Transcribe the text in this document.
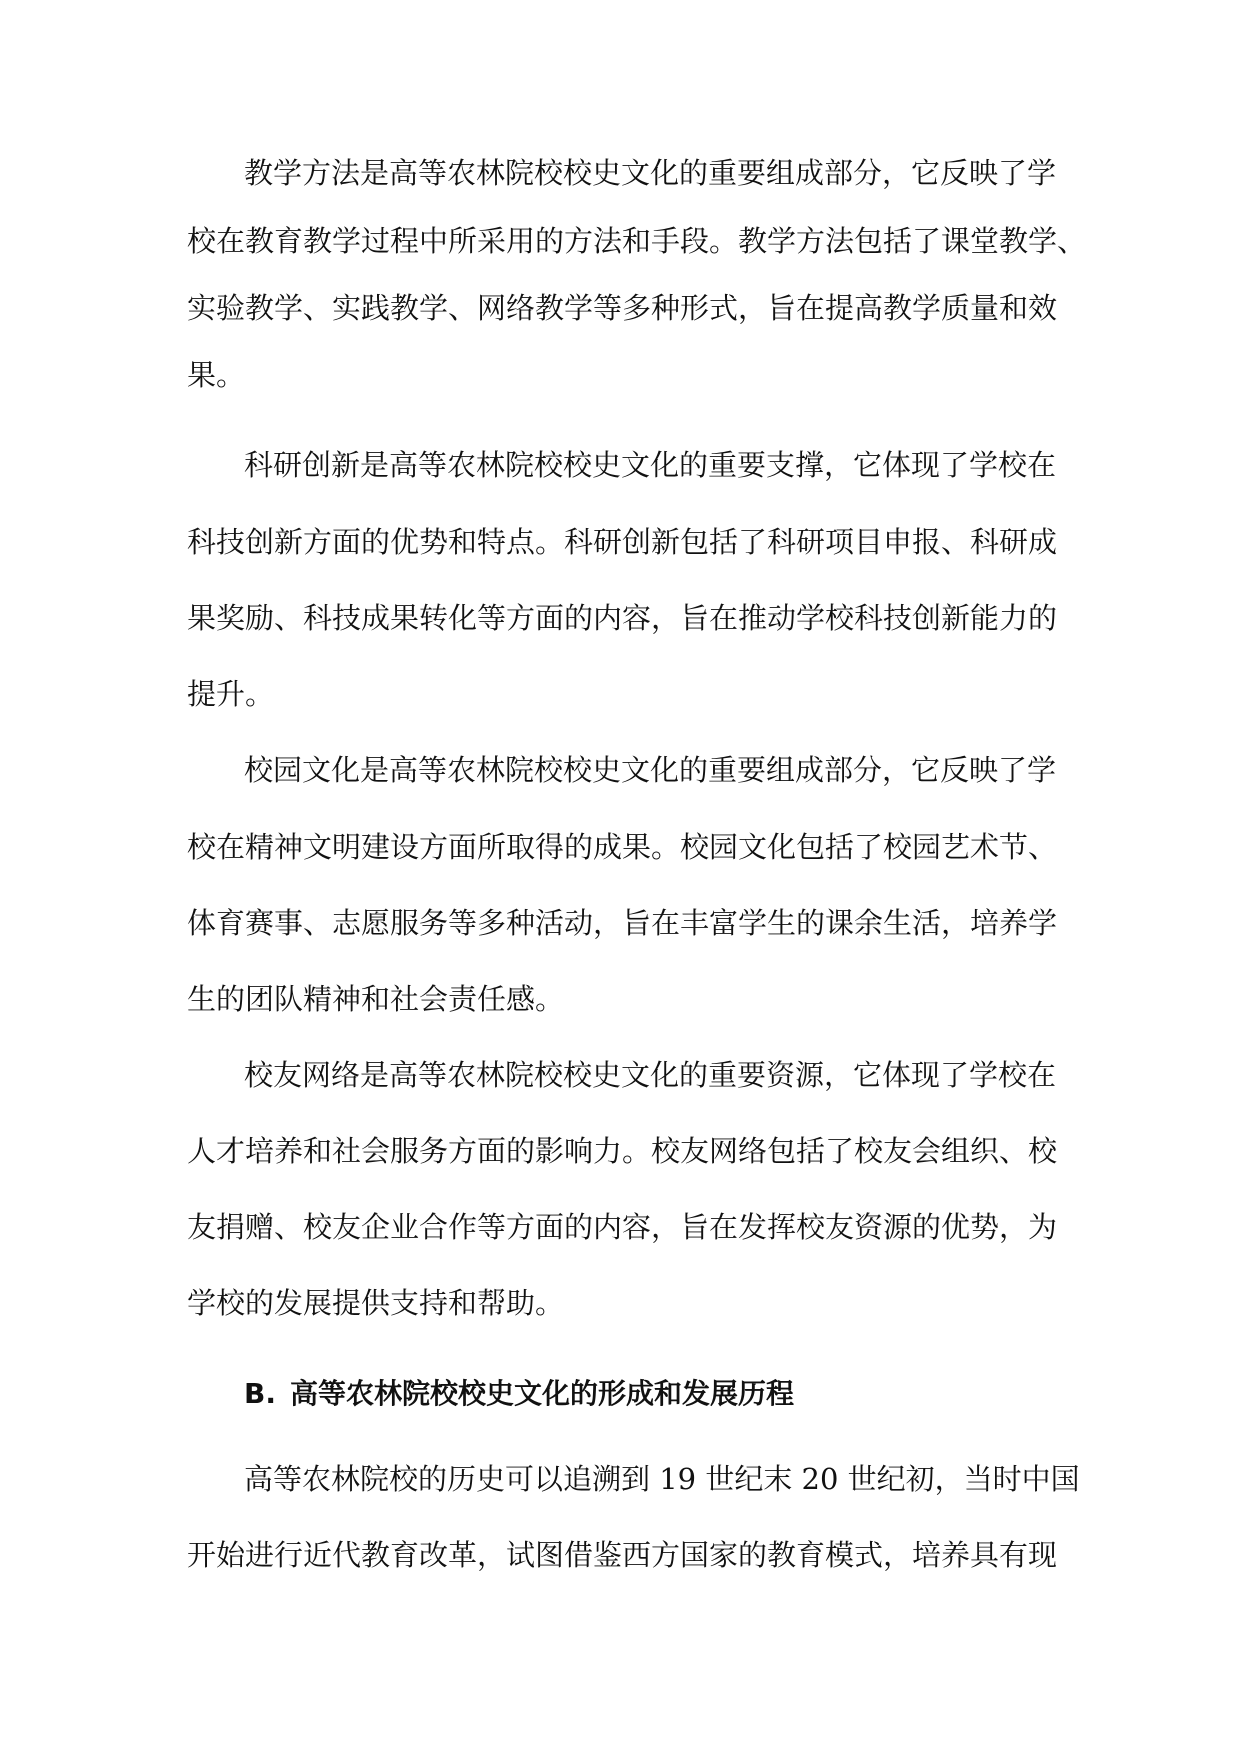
教学方法是高等农林院校校史文化的重要组成部分，它反映了学

校在教育教学过程中所采用的方法和手段。教学方法包括了课堂教学、

实验教学、实践教学、网络教学等多种形式，旨在提高教学质量和效

果。

科研创新是高等农林院校校史文化的重要支撑，它体现了学校在

科技创新方面的优势和特点。科研创新包括了科研项目申报、科研成

果奖励、科技成果转化等方面的内容，旨在推动学校科技创新能力的

提升。

校园文化是高等农林院校校史文化的重要组成部分，它反映了学

校在精神文明建设方面所取得的成果。校园文化包括了校园艺术节、

体育赛事、志愿服务等多种活动，旨在丰富学生的课余生活，培养学

生的团队精神和社会责任感。

校友网络是高等农林院校校史文化的重要资源，它体现了学校在

人才培养和社会服务方面的影响力。校友网络包括了校友会组织、校

友捐赠、校友企业合作等方面的内容，旨在发挥校友资源的优势，为

学校的发展提供支持和帮助。

B. 高等农林院校校史文化的形成和发展历程

高等农林院校的历史可以追溯到 19 世纪末 20 世纪初，当时中国

开始进行近代教育改革，试图借鉴西方国家的教育模式，培养具有现
